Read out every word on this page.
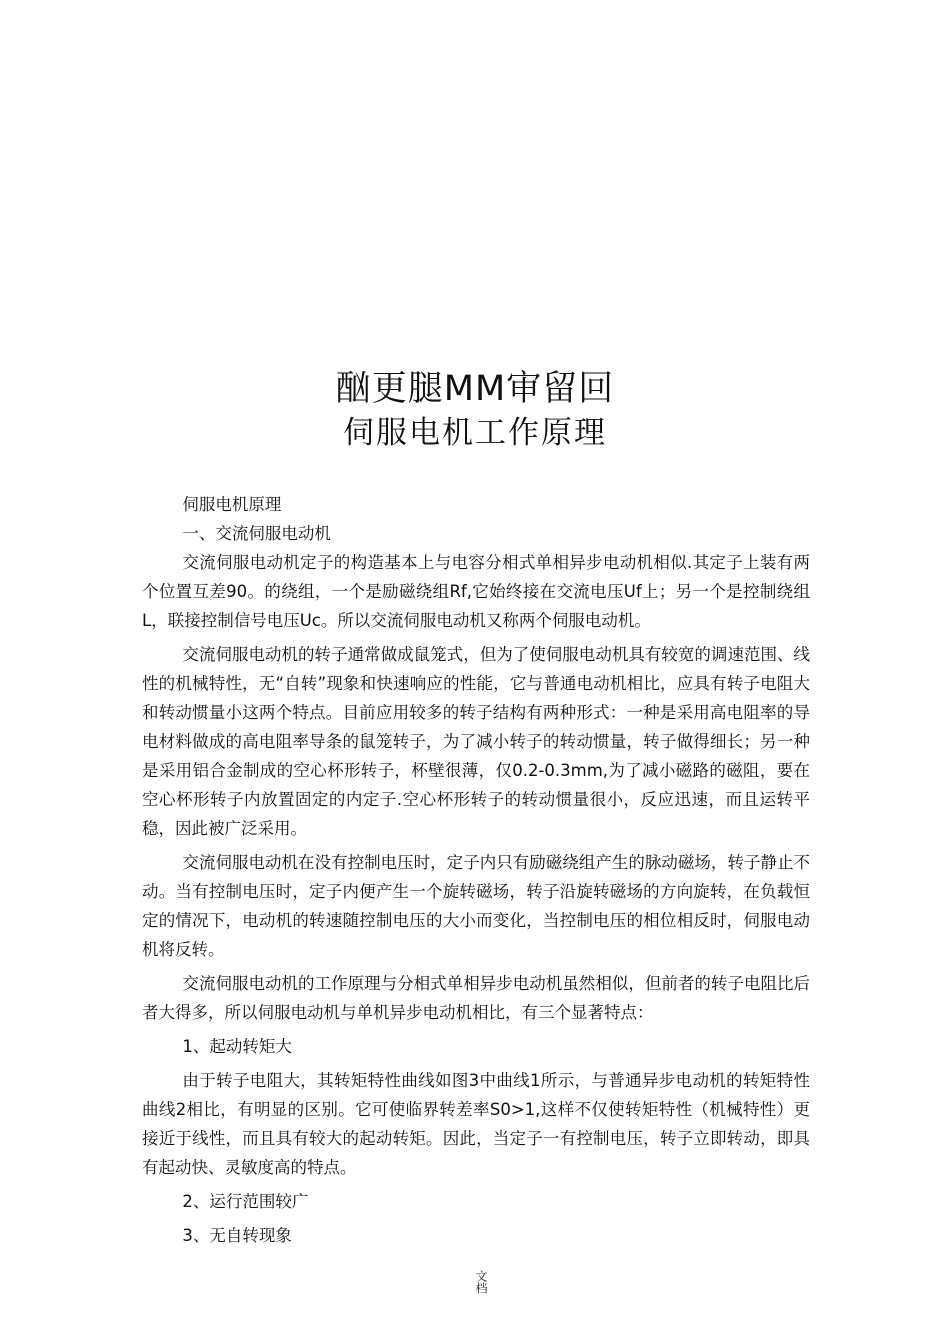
酗更腿MM审留回
伺服电机工作原理

伺服电机原理

一、交流伺服电动机

交流伺服电动机定子的构造基本上与电容分相式单相异步电动机相似.其定子上装有两个位置互差90。的绕组，一个是励磁绕组Rf,它始终接在交流电压Uf上；另一个是控制绕组L，联接控制信号电压Uc。所以交流伺服电动机又称两个伺服电动机。

交流伺服电动机的转子通常做成鼠笼式，但为了使伺服电动机具有较宽的调速范围、线性的机械特性，无“自转”现象和快速响应的性能，它与普通电动机相比，应具有转子电阻大和转动惯量小这两个特点。目前应用较多的转子结构有两种形式：一种是采用高电阻率的导电材料做成的高电阻率导条的鼠笼转子，为了减小转子的转动惯量，转子做得细长；另一种是采用铝合金制成的空心杯形转子，杯壁很薄，仅0.2-0.3mm,为了减小磁路的磁阻，要在空心杯形转子内放置固定的内定子.空心杯形转子的转动惯量很小，反应迅速，而且运转平稳，因此被广泛采用。

交流伺服电动机在没有控制电压时，定子内只有励磁绕组产生的脉动磁场，转子静止不动。当有控制电压时，定子内便产生一个旋转磁场，转子沿旋转磁场的方向旋转，在负载恒定的情况下，电动机的转速随控制电压的大小而变化，当控制电压的相位相反时，伺服电动机将反转。

交流伺服电动机的工作原理与分相式单相异步电动机虽然相似，但前者的转子电阻比后者大得多，所以伺服电动机与单机异步电动机相比，有三个显著特点：

1、起动转矩大

由于转子电阻大，其转矩特性曲线如图3中曲线1所示，与普通异步电动机的转矩特性曲线2相比，有明显的区别。它可使临界转差率S0>1,这样不仅使转矩特性（机械特性）更接近于线性，而且具有较大的起动转矩。因此，当定子一有控制电压，转子立即转动，即具有起动快、灵敏度高的特点。

2、运行范围较广

3、无自转现象

文档
